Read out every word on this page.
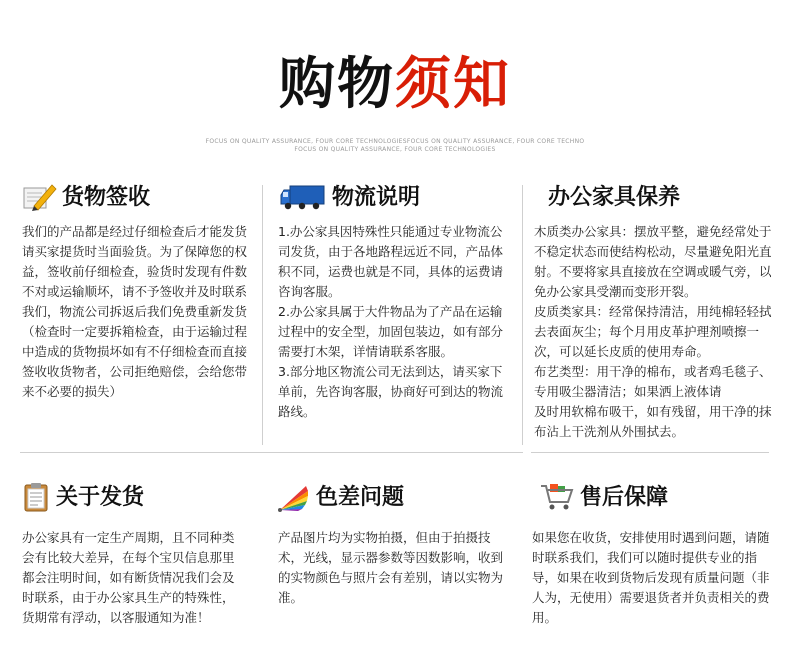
购物须知
FOCUS ON QUALITY ASSURANCE, FOUR CORE TECHNOLOGIESFOCUS ON QUALITY ASSURANCE, FOUR CORE TECHNO
FOCUS ON QUALITY ASSURANCE, FOUR CORE TECHNOLOGIES
货物签收

我们的产品都是经过仔细检查后才能发货请买家提货时当面验货。为了保障您的权益，签收前仔细检查，验货时发现有件数不对或运输顺坏，请不予签收并及时联系我们，物流公司拆返后我们免费重新发货（检查时一定要拆箱检查，由于运输过程中造成的货物损坏如有不仔细检查而直接签收收货物者，公司拒绝赔偿，会给您带来不必要的损失）

物流说明

1.办公家具因特殊性只能通过专业物流公司发货，由于各地路程远近不同，产品体积不同，运费也就是不同，具体的运费请咨询客服。

2.办公家具属于大件物品为了产品在运输过程中的安全型，加固包装边，如有部分需要打木架，详情请联系客服。

3.部分地区物流公司无法到达，请买家下单前，先咨询客服，协商好可到达的物流路线。

办公家具保养

木质类办公家具：摆放平整，避免经常处于不稳定状态而使结构松动，尽量避免阳光直射。不要将家具直接放在空调或暖气旁，以免办公家具受潮而变形开裂。

皮质类家具：经常保持清洁，用纯棉轻轻拭去表面灰尘；每个月用皮革护理剂喷擦一次，可以延长皮质的使用寿命。

布艺类型：用干净的棉布，或者鸡毛毯子、专用吸尘器清洁；如果洒上液体请

及时用软棉布吸干，如有残留，用干净的抹布沾上干洗剂从外围拭去。

关于发货

办公家具有一定生产周期，且不同种类会有比较大差异，在每个宝贝信息那里都会注明时间，如有断货情况我们会及时联系，由于办公家具生产的特殊性，货期常有浮动，以客服通知为准！

色差问题

产品图片均为实物拍摄，但由于拍摄技术，光线，显示器参数等因数影响，收到的实物颜色与照片会有差别，请以实物为准。

售后保障

如果您在收货，安排使用时遇到问题，请随时联系我们，我们可以随时提供专业的指导，如果在收到货物后发现有质量问题（非人为，无使用）需要退货者并负责相关的费用。
